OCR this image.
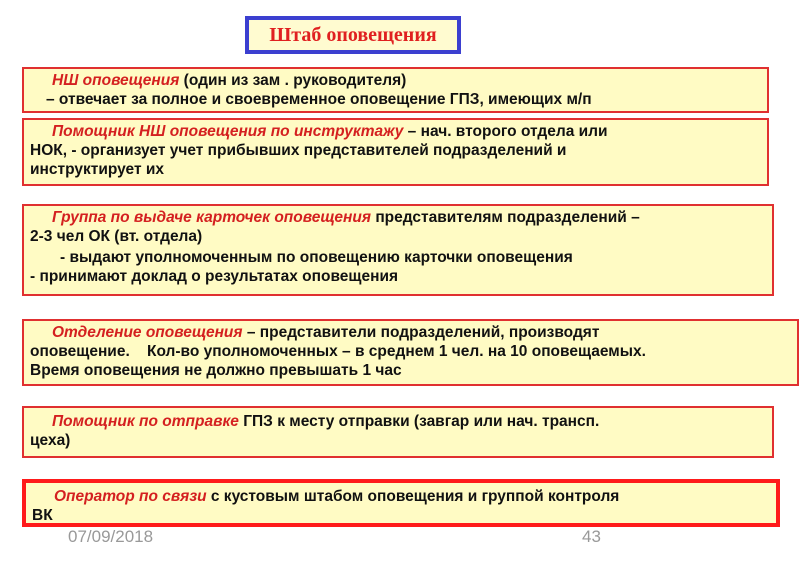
Штаб оповещения
НШ оповещения (один из зам . руководителя)
– отвечает за полное и своевременное оповещение ГПЗ, имеющих м/п
Помощник НШ оповещения по инструктажу – нач. второго отдела или
НОК, - организует учет прибывших представителей подразделений и
инструктирует их
Группа по выдаче карточек оповещения представителям подразделений –
2-3 чел ОК (вт. отдела)
- выдают уполномоченным по оповещению карточки оповещения
- принимают доклад о результатах оповещения
Отделение оповещения – представители подразделений, производят
оповещение.    Кол-во уполномоченных – в среднем 1 чел. на 10 оповещаемых.
Время оповещения не должно превышать 1 час
Помощник по отправке ГПЗ к месту отправки (завгар или нач. трансп.
цеха)
Оператор по связи с кустовым штабом оповещения и группой контроля
ВК
07/09/2018	43
